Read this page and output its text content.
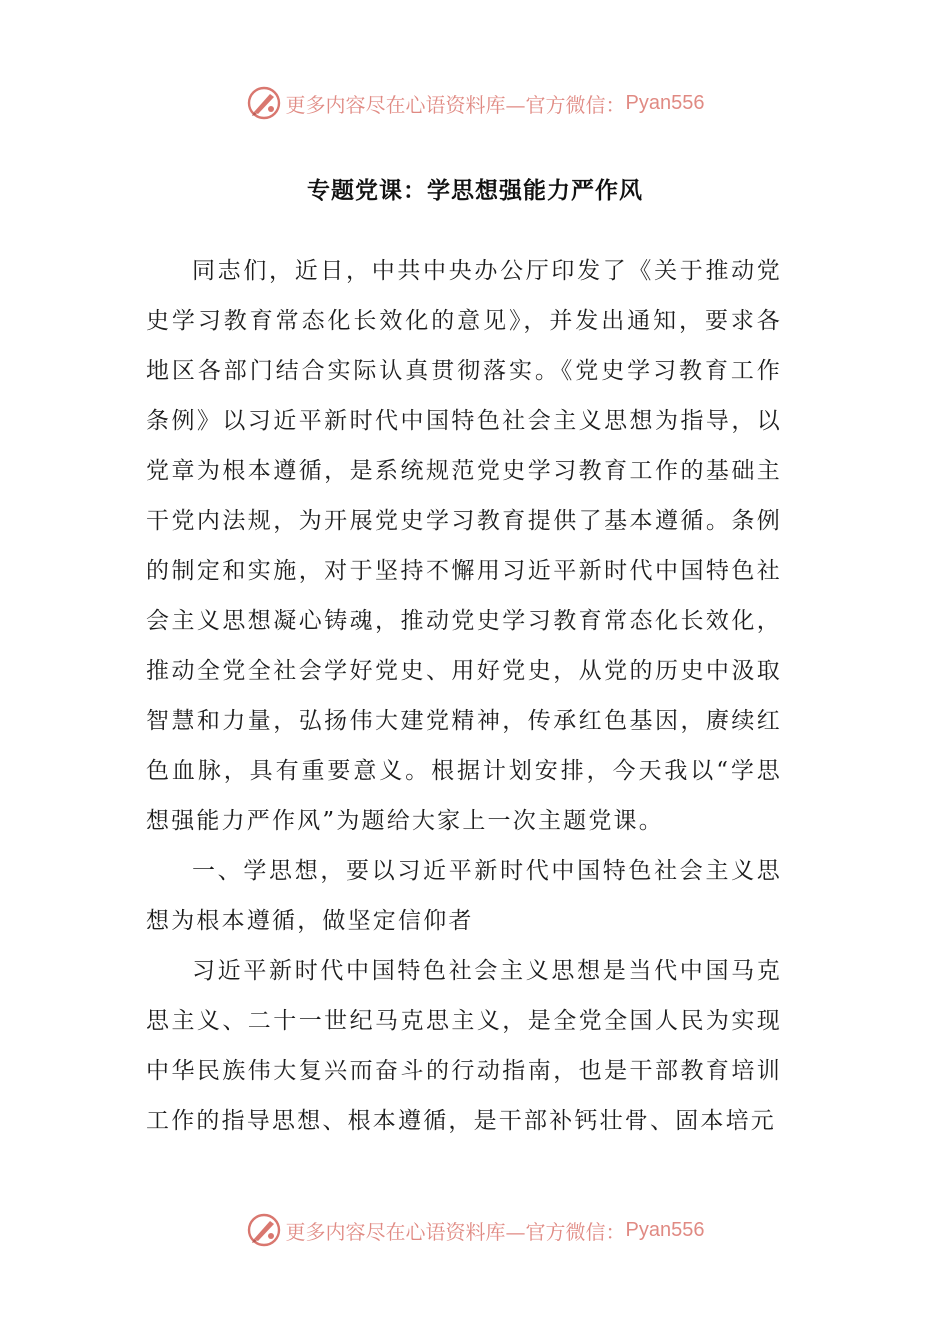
更多内容尽在心语资料库—官方微信： Pyan556
专题党课：学思想强能力严作风

同志们，近日，中共中央办公厅印发了《关于推动党史学习教育常态化长效化的意见》，并发出通知，要求各地区各部门结合实际认真贯彻落实。《党史学习教育工作条例》以习近平新时代中国特色社会主义思想为指导，以党章为根本遵循，是系统规范党史学习教育工作的基础主干党内法规，为开展党史学习教育提供了基本遵循。条例的制定和实施，对于坚持不懈用习近平新时代中国特色社会主义思想凝心铸魂，推动党史学习教育常态化长效化，推动全党全社会学好党史、用好党史，从党的历史中汲取智慧和力量，弘扬伟大建党精神，传承红色基因，赓续红色血脉，具有重要意义。根据计划安排，今天我以“学思想强能力严作风”为题给大家上一次主题党课。

一、学思想，要以习近平新时代中国特色社会主义思想为根本遵循，做坚定信仰者

习近平新时代中国特色社会主义思想是当代中国马克思主义、二十一世纪马克思主义，是全党全国人民为实现中华民族伟大复兴而奋斗的行动指南，也是干部教育培训工作的指导思想、根本遵循，是干部补钙壮骨、固本培元

更多内容尽在心语资料库—官方微信： Pyan556
